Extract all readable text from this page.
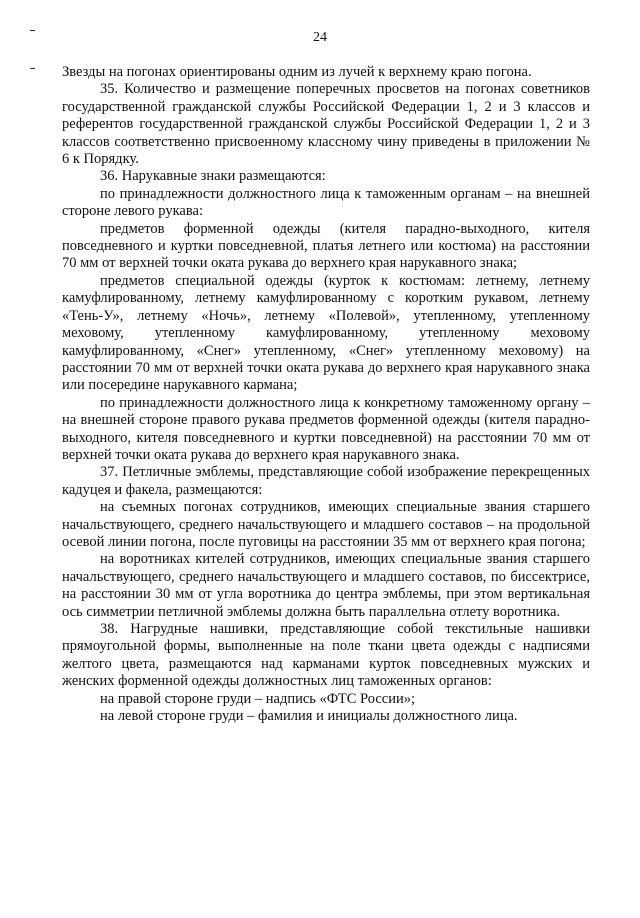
24

Звезды на погонах ориентированы одним из лучей к верхнему краю погона.

35. Количество и размещение поперечных просветов на погонах советников государственной гражданской службы Российской Федерации 1, 2 и 3 классов и референтов государственной гражданской службы Российской Федерации 1, 2 и 3 классов соответственно присвоенному классному чину приведены в приложении № 6 к Порядку.

36. Нарукавные знаки размещаются:

по принадлежности должностного лица к таможенным органам – на внешней стороне левого рукава:

предметов форменной одежды (кителя парадно-выходного, кителя повседневного и куртки повседневной, платья летнего или костюма) на расстоянии 70 мм от верхней точки оката рукава до верхнего края нарукавного знака;

предметов специальной одежды (курток к костюмам: летнему, летнему камуфлированному, летнему камуфлированному с коротким рукавом, летнему «Тень-У», летнему «Ночь», летнему «Полевой», утепленному, утепленному меховому, утепленному камуфлированному, утепленному меховому камуфлированному, «Снег» утепленному, «Снег» утепленному меховому) на расстоянии 70 мм от верхней точки оката рукава до верхнего края нарукавного знака или посередине нарукавного кармана;

по принадлежности должностного лица к конкретному таможенному органу – на внешней стороне правого рукава предметов форменной одежды (кителя парадно-выходного, кителя повседневного и куртки повседневной) на расстоянии 70 мм от верхней точки оката рукава до верхнего края нарукавного знака.

37. Петличные эмблемы, представляющие собой изображение перекрещенных кадуцея и факела, размещаются:

на съемных погонах сотрудников, имеющих специальные звания старшего начальствующего, среднего начальствующего и младшего составов – на продольной осевой линии погона, после пуговицы на расстоянии 35 мм от верхнего края погона;

на воротниках кителей сотрудников, имеющих специальные звания старшего начальствующего, среднего начальствующего и младшего составов, по биссектрисе, на расстоянии 30 мм от угла воротника до центра эмблемы, при этом вертикальная ось симметрии петличной эмблемы должна быть параллельна отлету воротника.

38. Нагрудные нашивки, представляющие собой текстильные нашивки прямоугольной формы, выполненные на поле ткани цвета одежды с надписями желтого цвета, размещаются над карманами курток повседневных мужских и женских форменной одежды должностных лиц таможенных органов:

на правой стороне груди – надпись «ФТС России»;

на левой стороне груди – фамилия и инициалы должностного лица.
